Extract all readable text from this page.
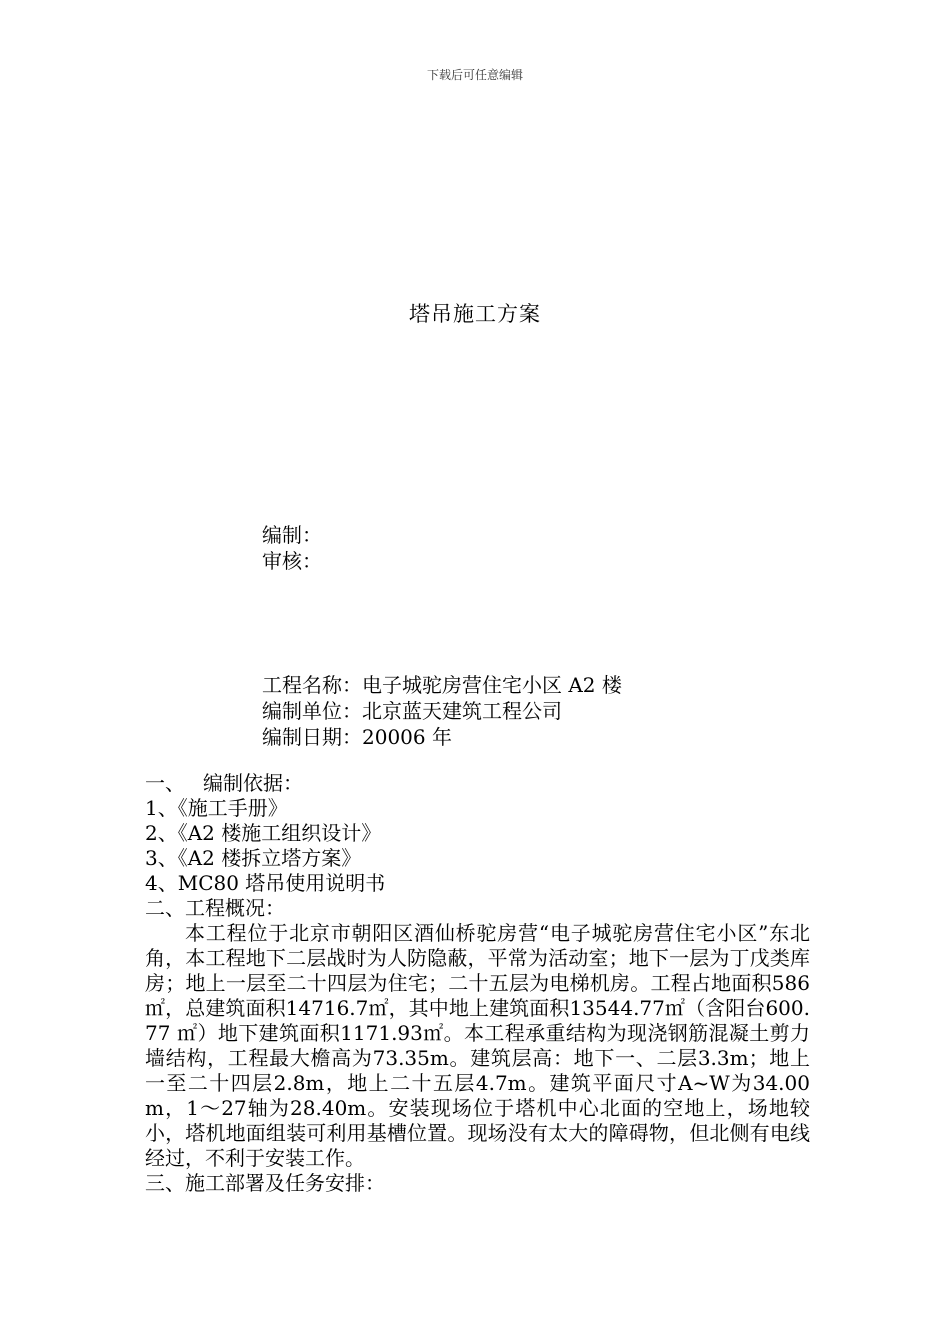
下载后可任意编辑
塔吊施工方案
编制：
审核：
工程名称：电子城驼房营住宅小区 A2 楼
编制单位：北京蓝天建筑工程公司
编制日期：20006 年
一、 编制依据：
1、《施工手册》
2、《A2 楼施工组织设计》
3、《A2 楼拆立塔方案》
4、MC80 塔吊使用说明书
二、工程概况：

本工程位于北京市朝阳区酒仙桥驼房营“电子城驼房营住宅小区”东北角，本工程地下二层战时为人防隐蔽，平常为活动室；地下一层为丁戊类库房；地上一层至二十四层为住宅；二十五层为电梯机房。工程占地面积586㎡，总建筑面积14716.7㎡，其中地上建筑面积13544.77㎡（含阳台600.77 ㎡）地下建筑面积1171.93㎡。本工程承重结构为现浇钢筋混凝土剪力墙结构，工程最大檐高为73.35m。建筑层高：地下一、二层3.3m；地上一至二十四层2.8m，地上二十五层4.7m。建筑平面尺寸A~W为34.00m，1～27轴为28.40m。安装现场位于塔机中心北面的空地上，场地较小，塔机地面组装可利用基槽位置。现场没有太大的障碍物，但北侧有电线经过，不利于安装工作。

三、施工部署及任务安排：
